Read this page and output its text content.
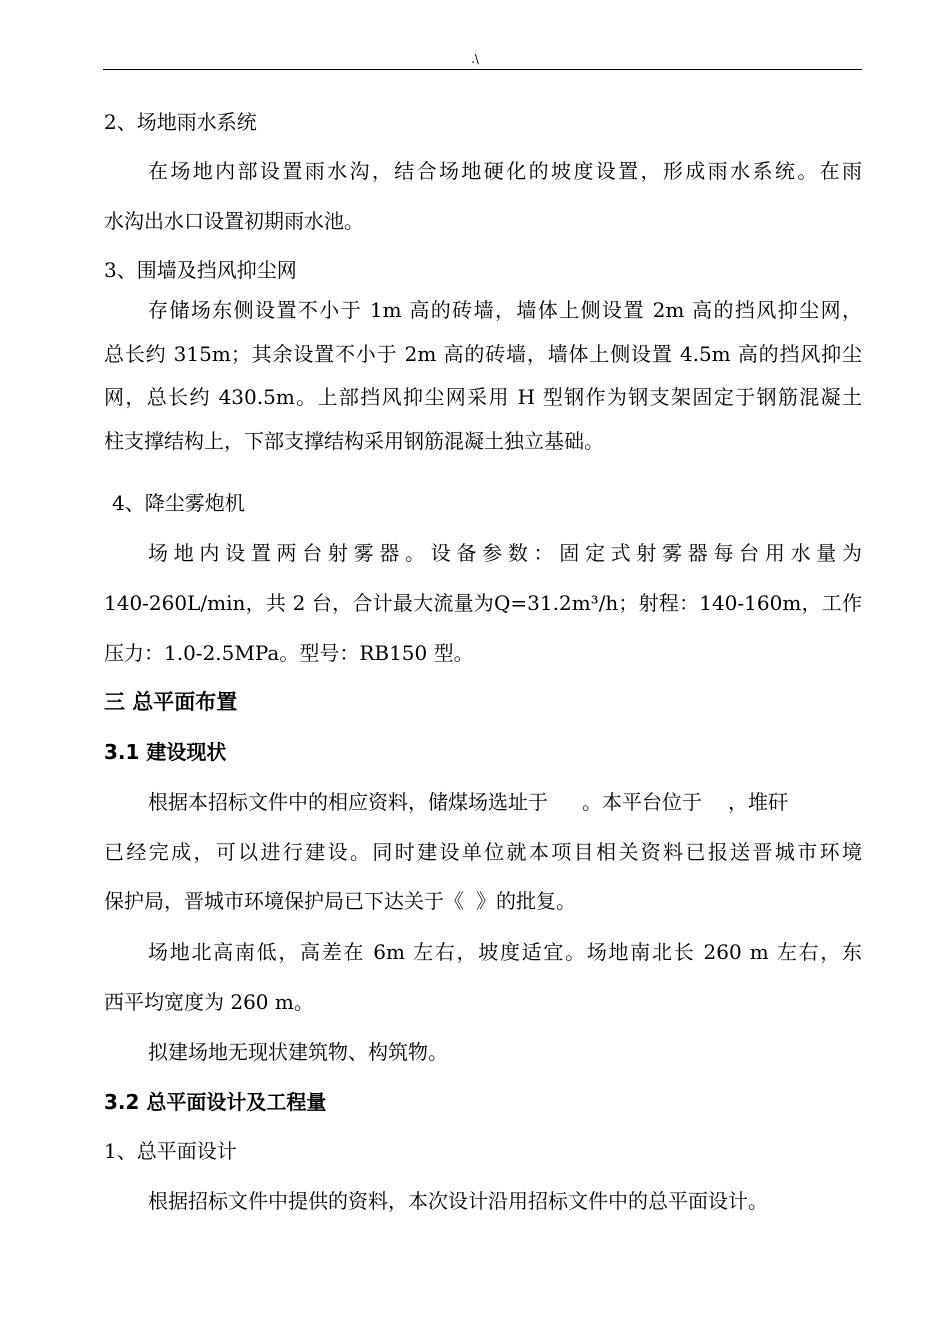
.\
2、场地雨水系统
在场地内部设置雨水沟，结合场地硬化的坡度设置，形成雨水系统。在雨
水沟出水口设置初期雨水池。
3、围墙及挡风抑尘网
存储场东侧设置不小于 1m 高的砖墙，墙体上侧设置 2m 高的挡风抑尘网，
总长约 315m；其余设置不小于 2m 高的砖墙，墙体上侧设置 4.5m 高的挡风抑尘
网，总长约 430.5m。上部挡风抑尘网采用 H 型钢作为钢支架固定于钢筋混凝土
柱支撑结构上，下部支撑结构采用钢筋混凝土独立基础。
4、降尘雾炮机
场地内设置两台射雾器。设备参数：固定式射雾器每台用水量为
140-260L/min，共 2 台，合计最大流量为Q=31.2m³/h；射程：140-160m，工作
压力：1.0-2.5MPa。型号：RB150 型。
三 总平面布置
3.1 建设现状
根据本招标文件中的相应资料，储煤场选址于 。本平台位于 ，堆矸
已经完成，可以进行建设。同时建设单位就本项目相关资料已报送晋城市环境
保护局，晋城市环境保护局已下达关于《 》的批复。
场地北高南低，高差在 6m 左右，坡度适宜。场地南北长 260 m 左右，东
西平均宽度为 260 m。
拟建场地无现状建筑物、构筑物。
3.2 总平面设计及工程量
1、总平面设计
根据招标文件中提供的资料，本次设计沿用招标文件中的总平面设计。
